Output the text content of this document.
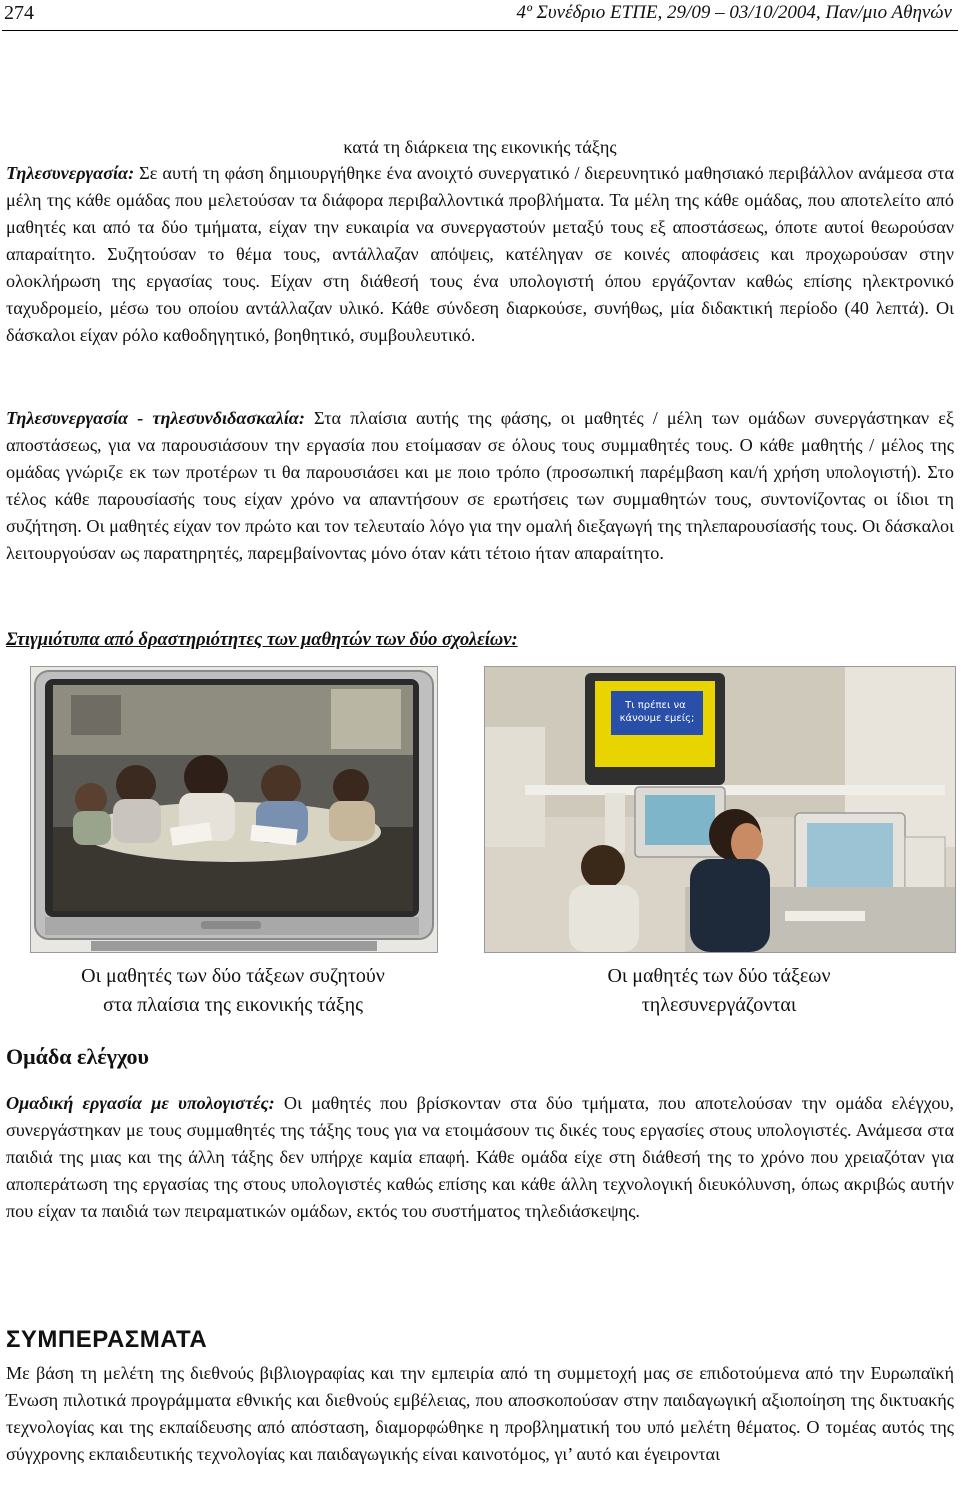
274	4º Συνέδριο ΕΤΠΕ, 29/09 – 03/10/2004, Παν/μιο Αθηνών
κατά τη διάρκεια της εικονικής τάξης

Τηλεσυνεργασία: Σε αυτή τη φάση δημιουργήθηκε ένα ανοιχτό συνεργατικό / διερευνητικό μαθησιακό περιβάλλον ανάμεσα στα μέλη της κάθε ομάδας που μελετούσαν τα διάφορα περιβαλλοντικά προβλήματα. Τα μέλη της κάθε ομάδας, που αποτελείτο από μαθητές και από τα δύο τμήματα, είχαν την ευκαιρία να συνεργαστούν μεταξύ τους εξ αποστάσεως, όποτε αυτοί θεωρούσαν απαραίτητο. Συζητούσαν το θέμα τους, αντάλλαζαν απόψεις, κατέληγαν σε κοινές αποφάσεις και προχωρούσαν στην ολοκλήρωση της εργασίας τους. Είχαν στη διάθεσή τους ένα υπολογιστή όπου εργάζονταν καθώς επίσης ηλεκτρονικό ταχυδρομείο, μέσω του οποίου αντάλλαζαν υλικό. Κάθε σύνδεση διαρκούσε, συνήθως, μία διδακτική περίοδο (40 λεπτά). Οι δάσκαλοι είχαν ρόλο καθοδηγητικό, βοηθητικό, συμβουλευτικό.

Τηλεσυνεργασία - τηλεσυνδιδασκαλία: Στα πλαίσια αυτής της φάσης, οι μαθητές / μέλη των ομάδων συνεργάστηκαν εξ αποστάσεως, για να παρουσιάσουν την εργασία που ετοίμασαν σε όλους τους συμμαθητές τους. Ο κάθε μαθητής / μέλος της ομάδας γνώριζε εκ των προτέρων τι θα παρουσιάσει και με ποιο τρόπο (προσωπική παρέμβαση και/ή χρήση υπολογιστή). Στο τέλος κάθε παρουσίασής τους είχαν χρόνο να απαντήσουν σε ερωτήσεις των συμμαθητών τους, συντονίζοντας οι ίδιοι τη συζήτηση. Οι μαθητές είχαν τον πρώτο και τον τελευταίο λόγο για την ομαλή διεξαγωγή της τηλεπαρουσίασής τους. Οι δάσκαλοι λειτουργούσαν ως παρατηρητές, παρεμβαίνοντας μόνο όταν κάτι τέτοιο ήταν απαραίτητο.

Στιγμιότυπα από δραστηριότητες των μαθητών των δύο σχολείων:
Τι πρέπει να κάνουμε εμείς;
Οι μαθητές των δύο τάξεων συζητούν
στα πλαίσια της εικονικής τάξης
Οι μαθητές των δύο τάξεων
τηλεσυνεργάζονται
Ομάδα ελέγχου

Ομαδική εργασία με υπολογιστές: Οι μαθητές που βρίσκονταν στα δύο τμήματα, που αποτελούσαν την ομάδα ελέγχου, συνεργάστηκαν με τους συμμαθητές της τάξης τους για να ετοιμάσουν τις δικές τους εργασίες στους υπολογιστές. Ανάμεσα στα παιδιά της μιας και της άλλη τάξης δεν υπήρχε καμία επαφή. Κάθε ομάδα είχε στη διάθεσή της το χρόνο που χρειαζόταν για αποπεράτωση της εργασίας της στους υπολογιστές καθώς επίσης και κάθε άλλη τεχνολογική διευκόλυνση, όπως ακριβώς αυτήν που είχαν τα παιδιά των πειραματικών ομάδων, εκτός του συστήματος τηλεδιάσκεψης.

ΣΥΜΠΕΡΑΣΜΑΤΑ

Με βάση τη μελέτη της διεθνούς βιβλιογραφίας και την εμπειρία από τη συμμετοχή μας σε επιδοτούμενα από την Ευρωπαϊκή Ένωση πιλοτικά προγράμματα εθνικής και διεθνούς εμβέλειας, που αποσκοπούσαν στην παιδαγωγική αξιοποίηση της δικτυακής τεχνολογίας και της εκπαίδευσης από απόσταση, διαμορφώθηκε η προβληματική του υπό μελέτη θέματος. Ο τομέας αυτός της σύγχρονης εκπαιδευτικής τεχνολογίας και παιδαγωγικής είναι καινοτόμος, γι’ αυτό και έγειρονται
